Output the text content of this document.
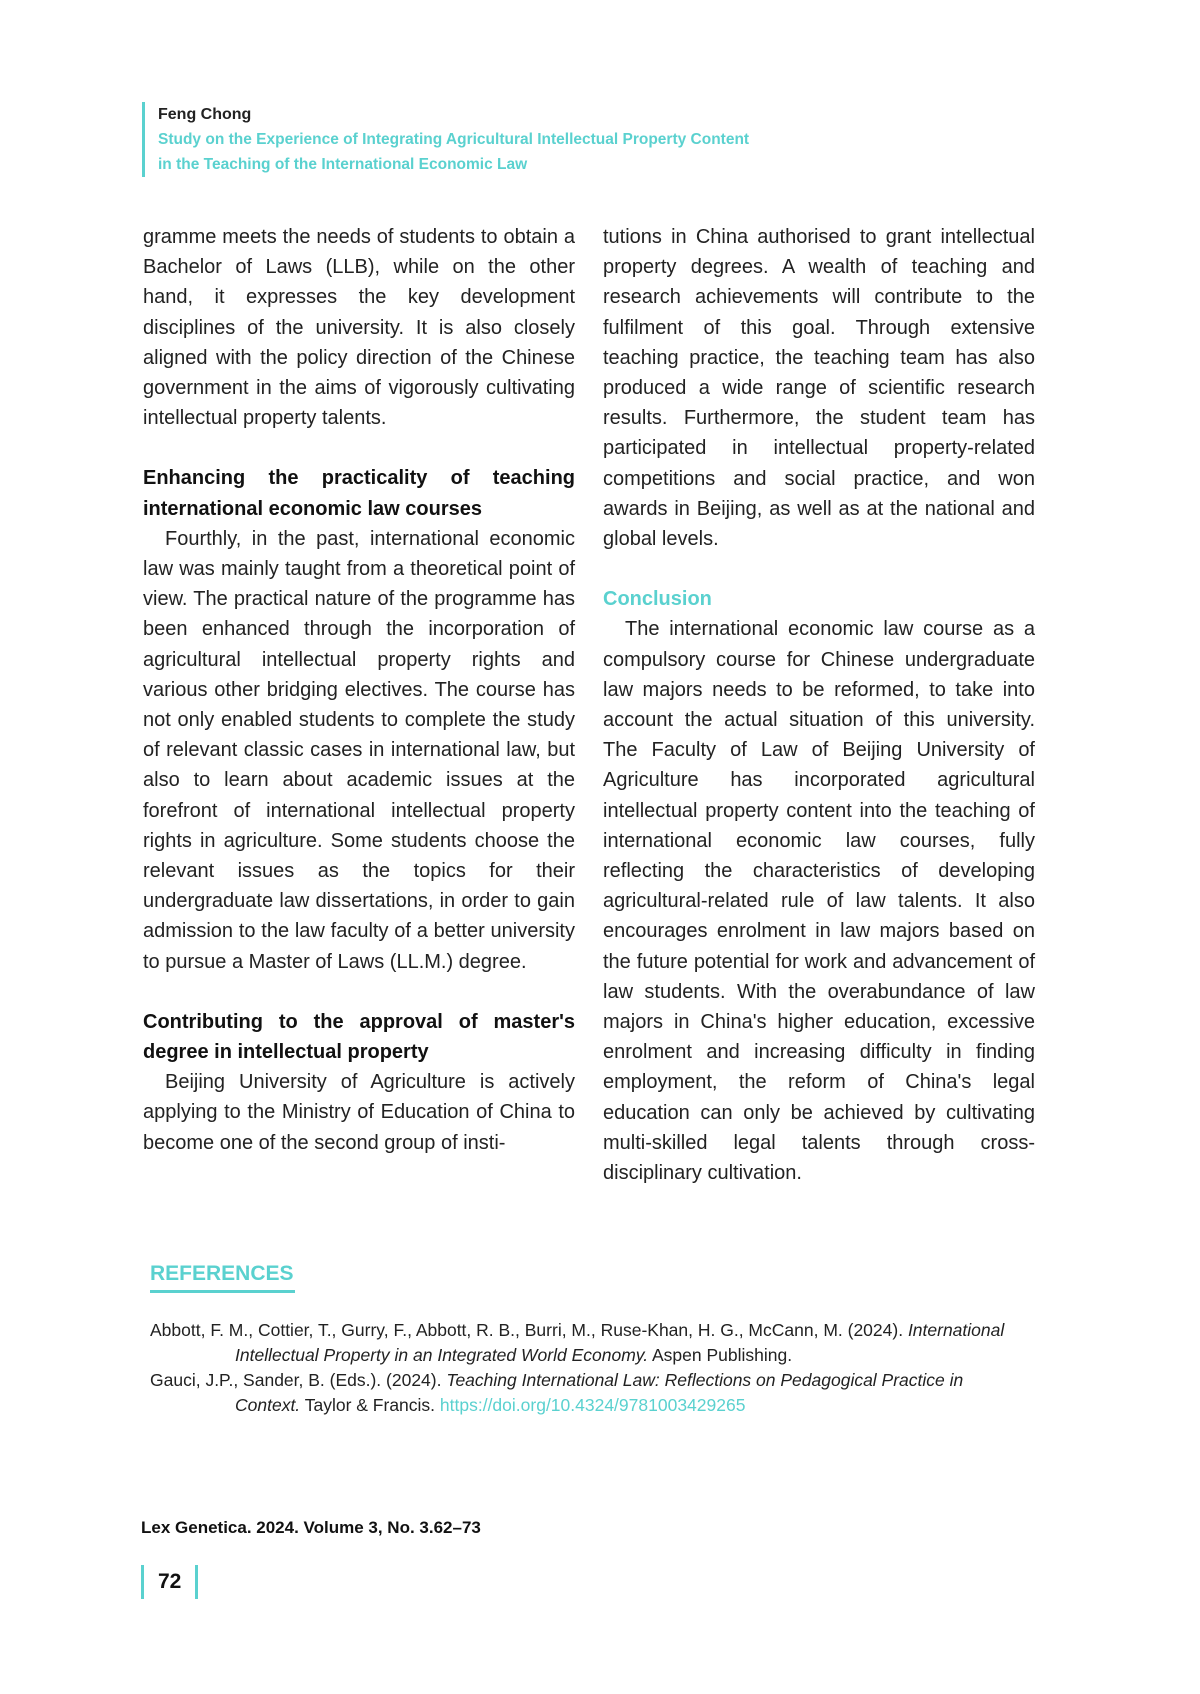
Feng Chong
Study on the Experience of Integrating Agricultural Intellectual Property Content
in the Teaching of the International Economic Law

gramme meets the needs of students to obtain a Bachelor of Laws (LLB), while on the other hand, it expresses the key development disciplines of the university. It is also closely aligned with the policy direction of the Chinese government in the aims of vigorously cultivating intellectual property talents.

Enhancing the practicality of teaching international economic law courses

Fourthly, in the past, international economic law was mainly taught from a theoretical point of view. The practical nature of the programme has been enhanced through the incorporation of agricultural intellectual property rights and various other bridging electives. The course has not only enabled students to complete the study of relevant classic cases in international law, but also to learn about academic issues at the forefront of international intellectual property rights in agriculture. Some students choose the relevant issues as the topics for their undergraduate law dissertations, in order to gain admission to the law faculty of a better university to pursue a Master of Laws (LL.M.) degree.

Contributing to the approval of master's degree in intellectual property

Beijing University of Agriculture is actively applying to the Ministry of Education of China to become one of the second group of insti-

tutions in China authorised to grant intellectual property degrees. A wealth of teaching and research achievements will contribute to the fulfilment of this goal. Through extensive teaching practice, the teaching team has also produced a wide range of scientific research results. Furthermore, the student team has participated in intellectual property-related competitions and social practice, and won awards in Beijing, as well as at the national and global levels.

Conclusion

The international economic law course as a compulsory course for Chinese undergraduate law majors needs to be reformed, to take into account the actual situation of this university. The Faculty of Law of Beijing University of Agriculture has incorporated agricultural intellectual property content into the teaching of international economic law courses, fully reflecting the characteristics of developing agricultural-related rule of law talents. It also encourages enrolment in law majors based on the future potential for work and advancement of law students. With the overabundance of law majors in China's higher education, excessive enrolment and increasing difficulty in finding employment, the reform of China's legal education can only be achieved by cultivating multi-skilled legal talents through cross-disciplinary cultivation.

REFERENCES

Abbott, F. M., Cottier, T., Gurry, F., Abbott, R. B., Burri, M., Ruse-Khan, H. G., McCann, M. (2024). International Intellectual Property in an Integrated World Economy. Aspen Publishing.

Gauci, J.P., Sander, B. (Eds.). (2024). Teaching International Law: Reflections on Pedagogical Practice in Context. Taylor & Francis. https://doi.org/10.4324/9781003429265

Lex Genetica. 2024. Volume 3, No. 3.62–73
72
